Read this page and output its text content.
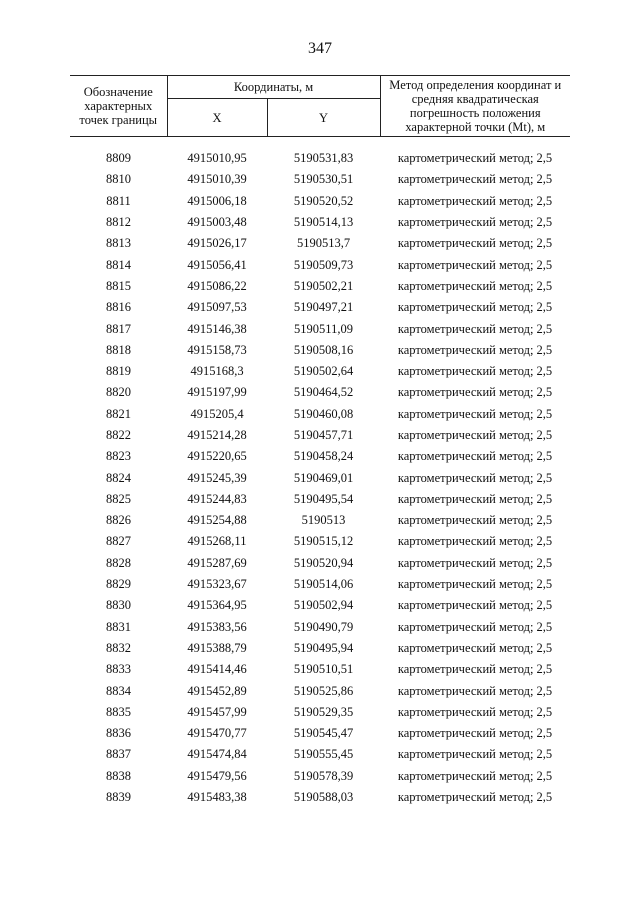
347
Обозначение характерных точек границы	Координаты, м		Метод определения координат и средняя квадратическая погрешность положения характерной точки (Mt), м
	X	Y	

8809	4915010,95	5190531,83	картометрический метод; 2,5
8810	4915010,39	5190530,51	картометрический метод; 2,5
8811	4915006,18	5190520,52	картометрический метод; 2,5
8812	4915003,48	5190514,13	картометрический метод; 2,5
8813	4915026,17	5190513,7	картометрический метод; 2,5
8814	4915056,41	5190509,73	картометрический метод; 2,5
8815	4915086,22	5190502,21	картометрический метод; 2,5
8816	4915097,53	5190497,21	картометрический метод; 2,5
8817	4915146,38	5190511,09	картометрический метод; 2,5
8818	4915158,73	5190508,16	картометрический метод; 2,5
8819	4915168,3	5190502,64	картометрический метод; 2,5
8820	4915197,99	5190464,52	картометрический метод; 2,5
8821	4915205,4	5190460,08	картометрический метод; 2,5
8822	4915214,28	5190457,71	картометрический метод; 2,5
8823	4915220,65	5190458,24	картометрический метод; 2,5
8824	4915245,39	5190469,01	картометрический метод; 2,5
8825	4915244,83	5190495,54	картометрический метод; 2,5
8826	4915254,88	5190513	картометрический метод; 2,5
8827	4915268,11	5190515,12	картометрический метод; 2,5
8828	4915287,69	5190520,94	картометрический метод; 2,5
8829	4915323,67	5190514,06	картометрический метод; 2,5
8830	4915364,95	5190502,94	картометрический метод; 2,5
8831	4915383,56	5190490,79	картометрический метод; 2,5
8832	4915388,79	5190495,94	картометрический метод; 2,5
8833	4915414,46	5190510,51	картометрический метод; 2,5
8834	4915452,89	5190525,86	картометрический метод; 2,5
8835	4915457,99	5190529,35	картометрический метод; 2,5
8836	4915470,77	5190545,47	картометрический метод; 2,5
8837	4915474,84	5190555,45	картометрический метод; 2,5
8838	4915479,56	5190578,39	картометрический метод; 2,5
8839	4915483,38	5190588,03	картометрический метод; 2,5
